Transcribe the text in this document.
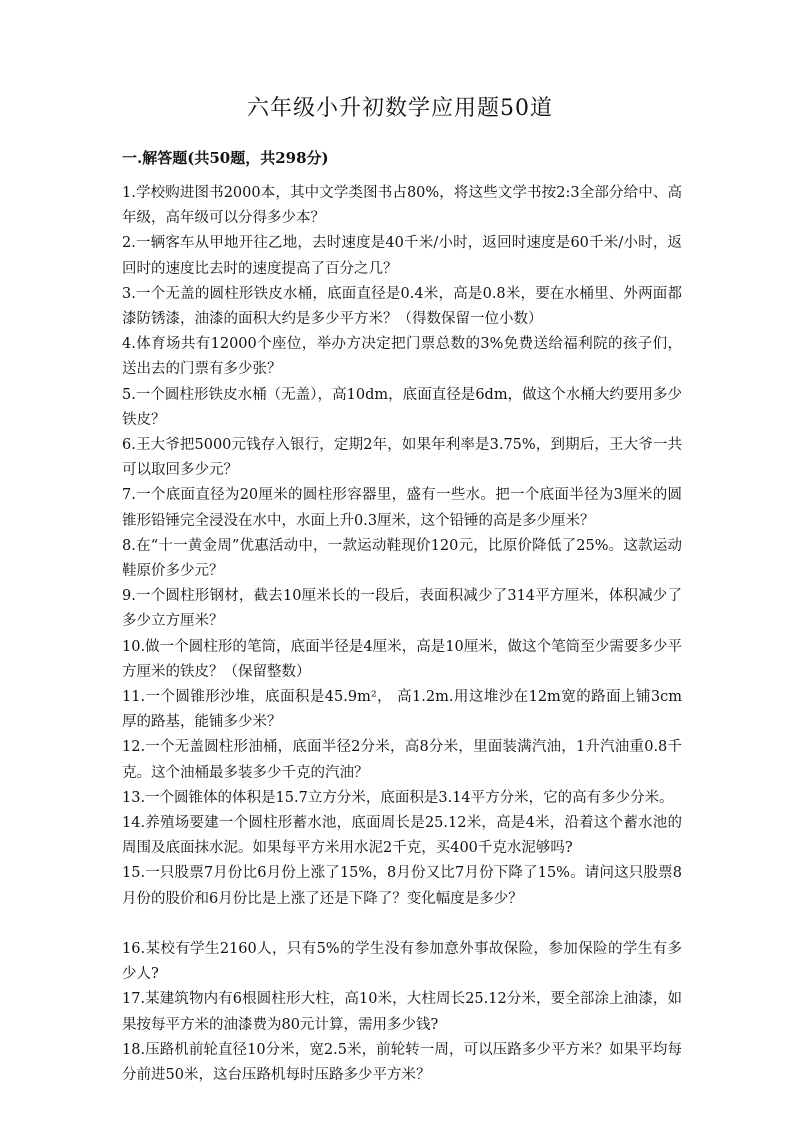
六年级小升初数学应用题50道
一.解答题(共50题，共298分)

1.学校购进图书2000本，其中文学类图书占80%，将这些文学书按2:3全部分给中、高年级，高年级可以分得多少本？

2.一辆客车从甲地开往乙地，去时速度是40千米/小时，返回时速度是60千米/小时，返回时的速度比去时的速度提高了百分之几？

3.一个无盖的圆柱形铁皮水桶，底面直径是0.4米，高是0.8米，要在水桶里、外两面都漆防锈漆，油漆的面积大约是多少平方米？（得数保留一位小数）

4.体育场共有12000个座位，举办方决定把门票总数的3%免费送给福利院的孩子们，送出去的门票有多少张？

5.一个圆柱形铁皮水桶（无盖），高10dm，底面直径是6dm，做这个水桶大约要用多少铁皮？

6.王大爷把5000元钱存入银行，定期2年，如果年利率是3.75%，到期后，王大爷一共可以取回多少元？

7.一个底面直径为20厘米的圆柱形容器里，盛有一些水。把一个底面半径为3厘米的圆锥形铅锤完全浸没在水中，水面上升0.3厘米，这个铅锤的高是多少厘米？

8.在“十一黄金周”优惠活动中，一款运动鞋现价120元，比原价降低了25%。这款运动鞋原价多少元？

9.一个圆柱形钢材，截去10厘米长的一段后，表面积减少了314平方厘米，体积减少了多少立方厘米？

10.做一个圆柱形的笔筒，底面半径是4厘米，高是10厘米，做这个笔筒至少需要多少平方厘米的铁皮？（保留整数）

11.一个圆锥形沙堆，底面积是45.9m²， 高1.2m.用这堆沙在12m宽的路面上铺3cm厚的路基，能铺多少米？

12.一个无盖圆柱形油桶，底面半径2分米，高8分米，里面装满汽油，1升汽油重0.8千克。这个油桶最多装多少千克的汽油？

13.一个圆锥体的体积是15.7立方分米，底面积是3.14平方分米，它的高有多少分米。

14.养殖场要建一个圆柱形蓄水池，底面周长是25.12米，高是4米，沿着这个蓄水池的周围及底面抹水泥。如果每平方米用水泥2千克，买400千克水泥够吗?

15.一只股票7月份比6月份上涨了15%，8月份又比7月份下降了15%。请问这只股票8月份的股价和6月份比是上涨了还是下降了？变化幅度是多少？

16.某校有学生2160人，只有5%的学生没有参加意外事故保险，参加保险的学生有多少人?

17.某建筑物内有6根圆柱形大柱，高10米，大柱周长25.12分米，要全部涂上油漆，如果按每平方米的油漆费为80元计算，需用多少钱?

18.压路机前轮直径10分米，宽2.5米，前轮转一周，可以压路多少平方米？如果平均每分前进50米，这台压路机每时压路多少平方米？
